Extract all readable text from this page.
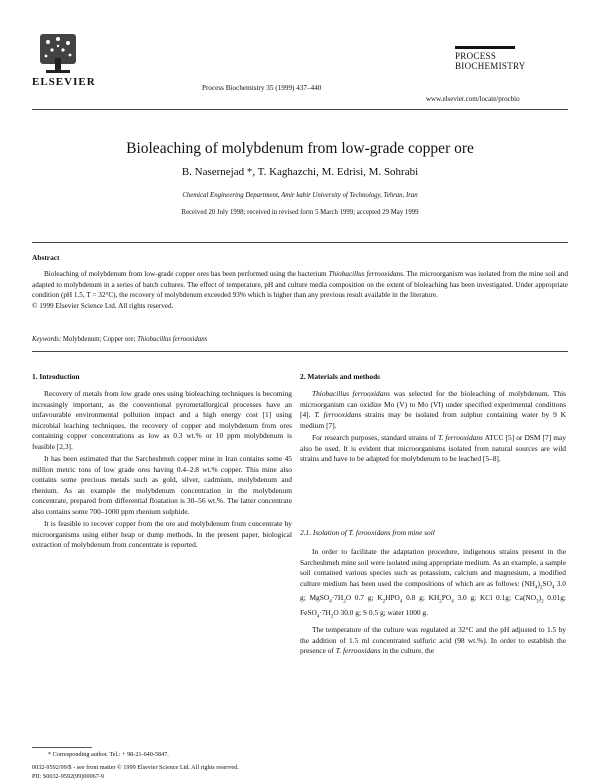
ELSEVIER	Process Biochemistry 35 (1999) 437–440
PROCESS
BIOCHEMISTRY
www.elsevier.com/locate/procbio
Bioleaching of molybdenum from low-grade copper ore
B. Nasernejad *, T. Kaghazchi, M. Edrisi, M. Sohrabi
Chemical Engineering Department, Amir kabir University of Technology, Tehran, Iran
Received 20 July 1998; received in revised form 5 March 1999; accepted 29 May 1999
Abstract
Bioleaching of molybdenum from low-grade copper ores has been performed using the bacterium Thiobacillus ferrooxidans. The microorganism was isolated from the mine soil and adapted to molybdenum in a series of batch cultures. The effect of temperature, pH and culture media composition on the extent of bioleaching has been investigated. Under appropriate condition (pH 1.5, T = 32°C), the recovery of molybdenum exceeded 93% which is higher than any previous result available in the literature.
© 1999 Elsevier Science Ltd. All rights reserved.
Keywords: Molybdenum; Copper ore; Thiobacillus ferrooxidans
1. Introduction

Recovery of metals from low grade ores using bioleaching techniques is becoming increasingly important, as the conventional pyrometallurgical processes have an unfavourable environmental pollution impact and a high energy cost [1] using microbial leaching techniques, the recovery of copper and molybdenum from ores containing copper concentrations as low as 0.3 wt.% or 10 ppm molybdenum is feasible [2,3].

It has been estimated that the Sarcheshmeh copper mine in Iran contains some 45 million metric tons of low grade ores having 0.4–2.8 wt.% copper. This mine also contains some precious metals such as gold, silver, cadmium, molybdenum and rhenium. As an example the molybdenum concentration in the molybdenum concentrate, prepared from differential floatation is 30–56 wt.%. The latter concentrate also contains some 700–1000 ppm rhenium sulphide.

It is feasible to recover copper from the ore and molybdenum from concentrate by microorganisms using either heap or dump methods. In the present paper, biological extraction of molybdenum from concentrate is reported.

2. Materials and methods

Thiobacillus ferrooxidans was selected for the bioleaching of molybdenum. This microorganism can oxidize Mo (V) to Mo (VI) under specified experimental conditions [4]. T. ferrooxidans strains may be isolated from sulphur containing water by 9 K medium [7].

For research purposes, standard strains of T. ferrooxidans ATCC [5] or DSM [7] may also be used. It is evident that microorganisms isolated from natural sources are wild strains and have to be adapted for molybdenum to be leached [5–8].

2.1. Isolation of T. ferooxidans from mine soil

In order to facilitate the adaptation procedure, indigenous strains present in the Sarcheshmeh mine soil were isolated using appropriate medium. As an example, a sample soil contained various species such as potassium, calcium and magnesium, a modified culture medium has been used the compositions of which are as follows: $(NH_4)_2SO_4$ 3.0 g; $MgSO_4\cdot 7H_2O$ 0.7 g; $K_2HPO_4$ 0.8 g; $KH_2PO_4$ 3.0 g; KCl 0.1g; $Ca(NO_3)_2$ 0.01g; $FeSO_4\cdot 7H_2O$ 30.0 g; S 0.5 g; water 1000 g.

The temperature of the culture was regulated at 32°C and the pH adjusted to 1.5 by the addition of 1.5 ml concentrated sulfuric acid (98 wt.%). In order to establish the presence of T. ferrooxidans in the culture, the

* Corresponding author. Tel.: + 98-21-640-5847.
0032-9592/99/$ - see front matter © 1999 Elsevier Science Ltd. All rights reserved.
PII: S0032-9592(99)00067-9
